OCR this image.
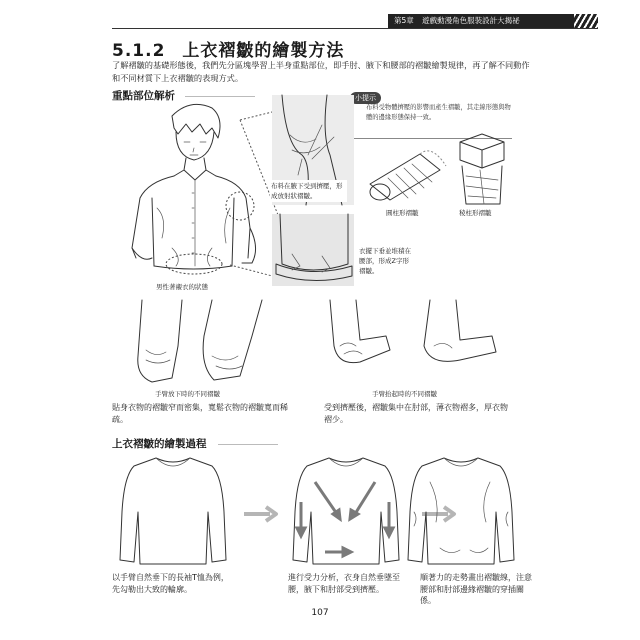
第5章 遊戲動漫角色服裝設計大揭祕
5.1.2 上衣褶皺的繪製方法
了解褶皺的基礎形態後，我們先分區塊學習上半身重點部位，即手肘、腋下和腰部的褶皺繪製規律，再了解不同動作和不同材質下上衣褶皺的表現方式。
重點部位解析	小提示
布料受物體擠壓的影響而產生褶皺，其走線形態與物體的邊緣形態保持一致。
男性著襯衣的狀態
布料在腋下受到擠壓，形成放射狀褶皺。
衣擺下垂並堆積在腰部，形成Z字形褶皺。
圓柱形褶皺	稜柱形褶皺
手臂放下時的不同褶皺
貼身衣物的褶皺窄而密集，寬鬆衣物的褶皺寬而稀疏。
手臂抬起時的不同褶皺
受到擠壓後，褶皺集中在肘部，薄衣物褶多，厚衣物褶少。
上衣褶皺的繪製過程
以手臂自然垂下的長袖T恤為例，先勾勒出大致的輪廓。
進行受力分析，衣身自然垂墜至腰，腋下和肘部受到擠壓。
順著力的走勢畫出褶皺線，注意腰部和肘部邊緣褶皺的穿插關係。
107
